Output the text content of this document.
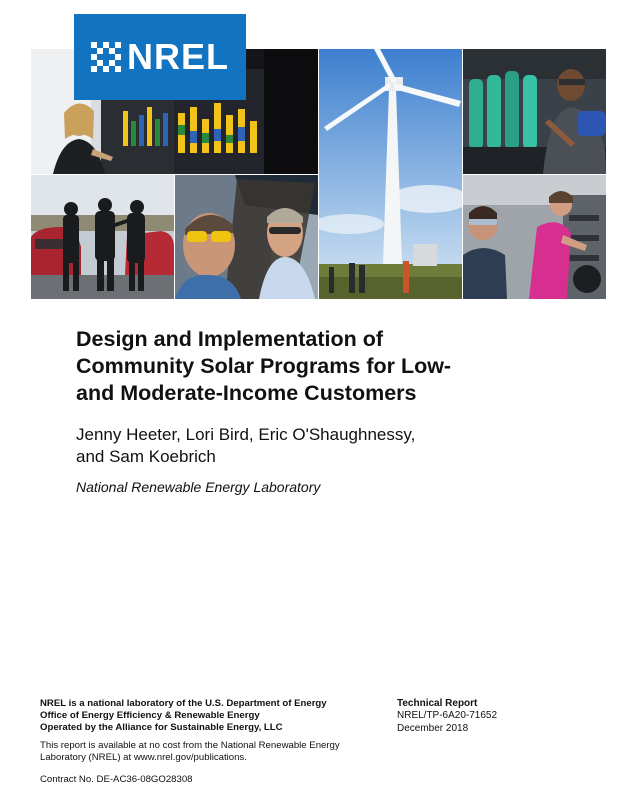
NREL
Design and Implementation of
Community Solar Programs for Low-
and Moderate-Income Customers
Jenny Heeter, Lori Bird, Eric O'Shaughnessy,
and Sam Koebrich
National Renewable Energy Laboratory
NREL is a national laboratory of the U.S. Department of Energy
Office of Energy Efficiency & Renewable Energy
Operated by the Alliance for Sustainable Energy, LLC
This report is available at no cost from the National Renewable Energy
Laboratory (NREL) at www.nrel.gov/publications.
Contract No. DE-AC36-08GO28308
Technical Report
NREL/TP-6A20-71652
December 2018
